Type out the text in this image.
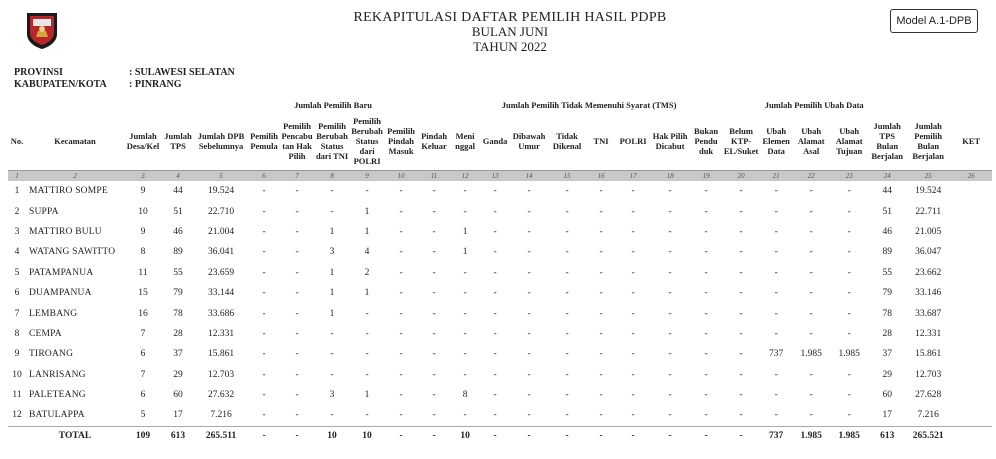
REKAPITULASI DAFTAR PEMILIH HASIL PDPB
BULAN JUNI
TAHUN 2022
Model A.1-DPB
PROVINSI	: SULAWESI SELATAN
KABUPATEN/KOTA	: PINRANG
					Jumlah Pemilih Baru					Jumlah Pemilih Tidak Memenuhi Syarat (TMS)										Jumlah Pemilih Ubah Data					
No.	Kecamatan	Jumlah Desa/Kel	Jumlah TPS	Jumlah DPB Sebelumnya	Pemilih Pemula	Pemilih Pencabu tan Hak Pilih	Pemilih Berubah Status dari TNI	Pemilih Berubah Status dari POLRI	Pemilih Pindah Masuk	Pindah Keluar	Meni nggal	Ganda	Dibawah Umur	Tidak Dikenal	TNI	POLRI	Hak Pilih Dicabut	Bukan Pendu duk	Belum KTP-EL/Suket	Ubah Elemen Data	Ubah Alamat Asal	Ubah Alamat Tujuan	Jumlah TPS Bulan Berjalan	Jumlah Pemilih Bulan Berjalan	KET
1	2	3	4	5	6	7	8	9	10	11	12	13	14	15	16	17	18	19	20	21	22	23	24	25	26
1	MATTIRO SOMPE	9	44	19.524	-	-	-	-	-	-	-	-	-	-	-	-	-	-	-	-	-	-	44	19.524	
2	SUPPA	10	51	22.710	-	-	-	1	-	-	-	-	-	-	-	-	-	-	-	-	-	-	51	22.711	
3	MATTIRO BULU	9	46	21.004	-	-	1	1	-	-	1	-	-	-	-	-	-	-	-	-	-	-	46	21.005	
4	WATANG SAWITTO	8	89	36.041	-	-	3	4	-	-	1	-	-	-	-	-	-	-	-	-	-	-	89	36.047	
5	PATAMPANUA	11	55	23.659	-	-	1	2	-	-	-	-	-	-	-	-	-	-	-	-	-	-	55	23.662	
6	DUAMPANUA	15	79	33.144	-	-	1	1	-	-	-	-	-	-	-	-	-	-	-	-	-	-	79	33.146	
7	LEMBANG	16	78	33.686	-	-	1	-	-	-	-	-	-	-	-	-	-	-	-	-	-	-	78	33.687	
8	CEMPA	7	28	12.331	-	-	-	-	-	-	-	-	-	-	-	-	-	-	-	-	-	-	28	12.331	
9	TIROANG	6	37	15.861	-	-	-	-	-	-	-	-	-	-	-	-	-	-	-	737	1.985	1.985	37	15.861	
10	LANRISANG	7	29	12.703	-	-	-	-	-	-	-	-	-	-	-	-	-	-	-	-	-	-	29	12.703	
11	PALETEANG	6	60	27.632	-	-	3	1	-	-	8	-	-	-	-	-	-	-	-	-	-	-	60	27.628	
12	BATULAPPA	5	17	7.216	-	-	-	-	-	-	-	-	-	-	-	-	-	-	-	-	-	-	17	7.216	
	TOTAL	109	613	265.511	-	-	10	10	-	-	10	-	-	-	-	-	-	-	-	737	1.985	1.985	613	265.521	
